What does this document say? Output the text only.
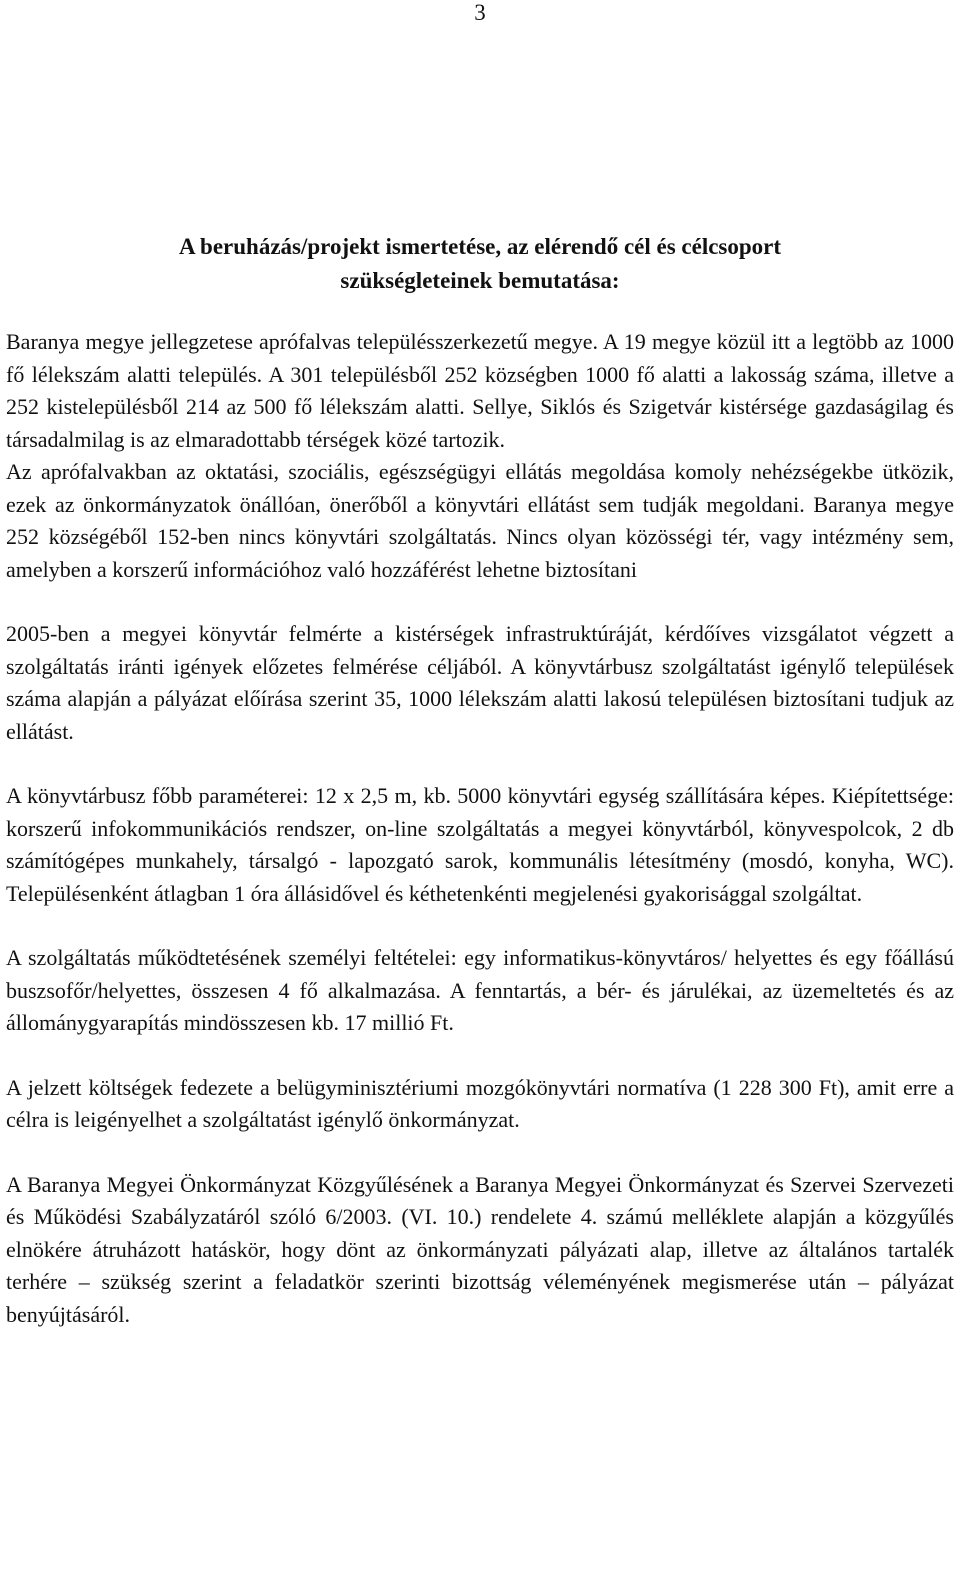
3
A beruházás/projekt ismertetése, az elérendő cél és célcsoport
szükségleteinek bemutatása:

Baranya megye jellegzetese aprófalvas településszerkezetű megye. A 19 megye közül itt a legtöbb az 1000 fő lélekszám alatti település. A 301 településből 252 községben 1000 fő alatti a lakosság száma, illetve a 252 kistelepülésből 214 az 500 fő lélekszám alatti. Sellye, Siklós és Szigetvár kistérsége gazdaságilag és társadalmilag is az elmaradottabb térségek közé tartozik.

Az aprófalvakban az oktatási, szociális, egészségügyi ellátás megoldása komoly nehézségekbe ütközik, ezek az önkormányzatok önállóan, önerőből a könyvtári ellátást sem tudják megoldani. Baranya megye 252 községéből 152-ben nincs könyvtári szolgáltatás. Nincs olyan közösségi tér, vagy intézmény sem, amelyben a korszerű információhoz való hozzáférést lehetne biztosítani

2005-ben a megyei könyvtár felmérte a kistérségek infrastruktúráját, kérdőíves vizsgálatot végzett a szolgáltatás iránti igények előzetes felmérése céljából. A könyvtárbusz szolgáltatást igénylő települések száma alapján a pályázat előírása szerint 35, 1000 lélekszám alatti lakosú településen biztosítani tudjuk az ellátást.

A könyvtárbusz főbb paraméterei: 12 x 2,5 m, kb. 5000 könyvtári egység szállítására képes. Kiépítettsége: korszerű infokommunikációs rendszer, on-line szolgáltatás a megyei könyvtárból, könyvespolcok, 2 db számítógépes munkahely, társalgó - lapozgató sarok, kommunális létesítmény (mosdó, konyha, WC). Településenként átlagban 1 óra állásidővel és kéthetenkénti megjelenési gyakorisággal szolgáltat.

A szolgáltatás működtetésének személyi feltételei: egy informatikus-könyvtáros/ helyettes és egy főállású buszsofőr/helyettes, összesen 4 fő alkalmazása. A fenntartás, a bér- és járulékai, az üzemeltetés és az állománygyarapítás mindösszesen kb. 17 millió Ft.

A jelzett költségek fedezete a belügyminisztériumi mozgókönyvtári normatíva (1 228 300 Ft), amit erre a célra is leigényelhet a szolgáltatást igénylő önkormányzat.

A Baranya Megyei Önkormányzat Közgyűlésének a Baranya Megyei Önkormányzat és Szervei Szervezeti és Működési Szabályzatáról szóló 6/2003. (VI. 10.) rendelete 4. számú melléklete alapján a közgyűlés elnökére átruházott hatáskör, hogy dönt az önkormányzati pályázati alap, illetve az általános tartalék terhére – szükség szerint a feladatkör szerinti bizottság véleményének megismerése után – pályázat benyújtásáról.
